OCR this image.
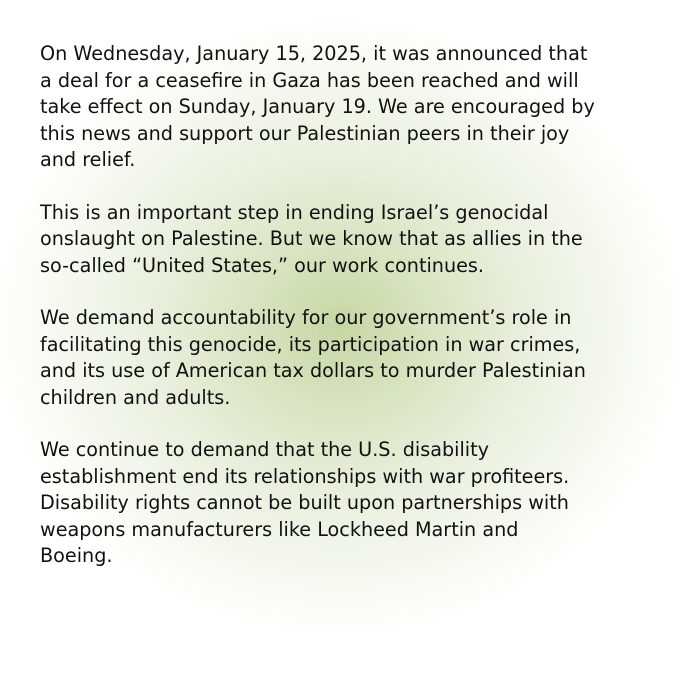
On Wednesday, January 15, 2025, it was announced that
a deal for a ceasefire in Gaza has been reached and will
take effect on Sunday, January 19. We are encouraged by
this news and support our Palestinian peers in their joy
and relief.

This is an important step in ending Israel’s genocidal
onslaught on Palestine. But we know that as allies in the
so-called “United States,” our work continues.

We demand accountability for our government’s role in
facilitating this genocide, its participation in war crimes,
and its use of American tax dollars to murder Palestinian
children and adults.

We continue to demand that the U.S. disability
establishment end its relationships with war profiteers.
Disability rights cannot be built upon partnerships with
weapons manufacturers like Lockheed Martin and
Boeing.
